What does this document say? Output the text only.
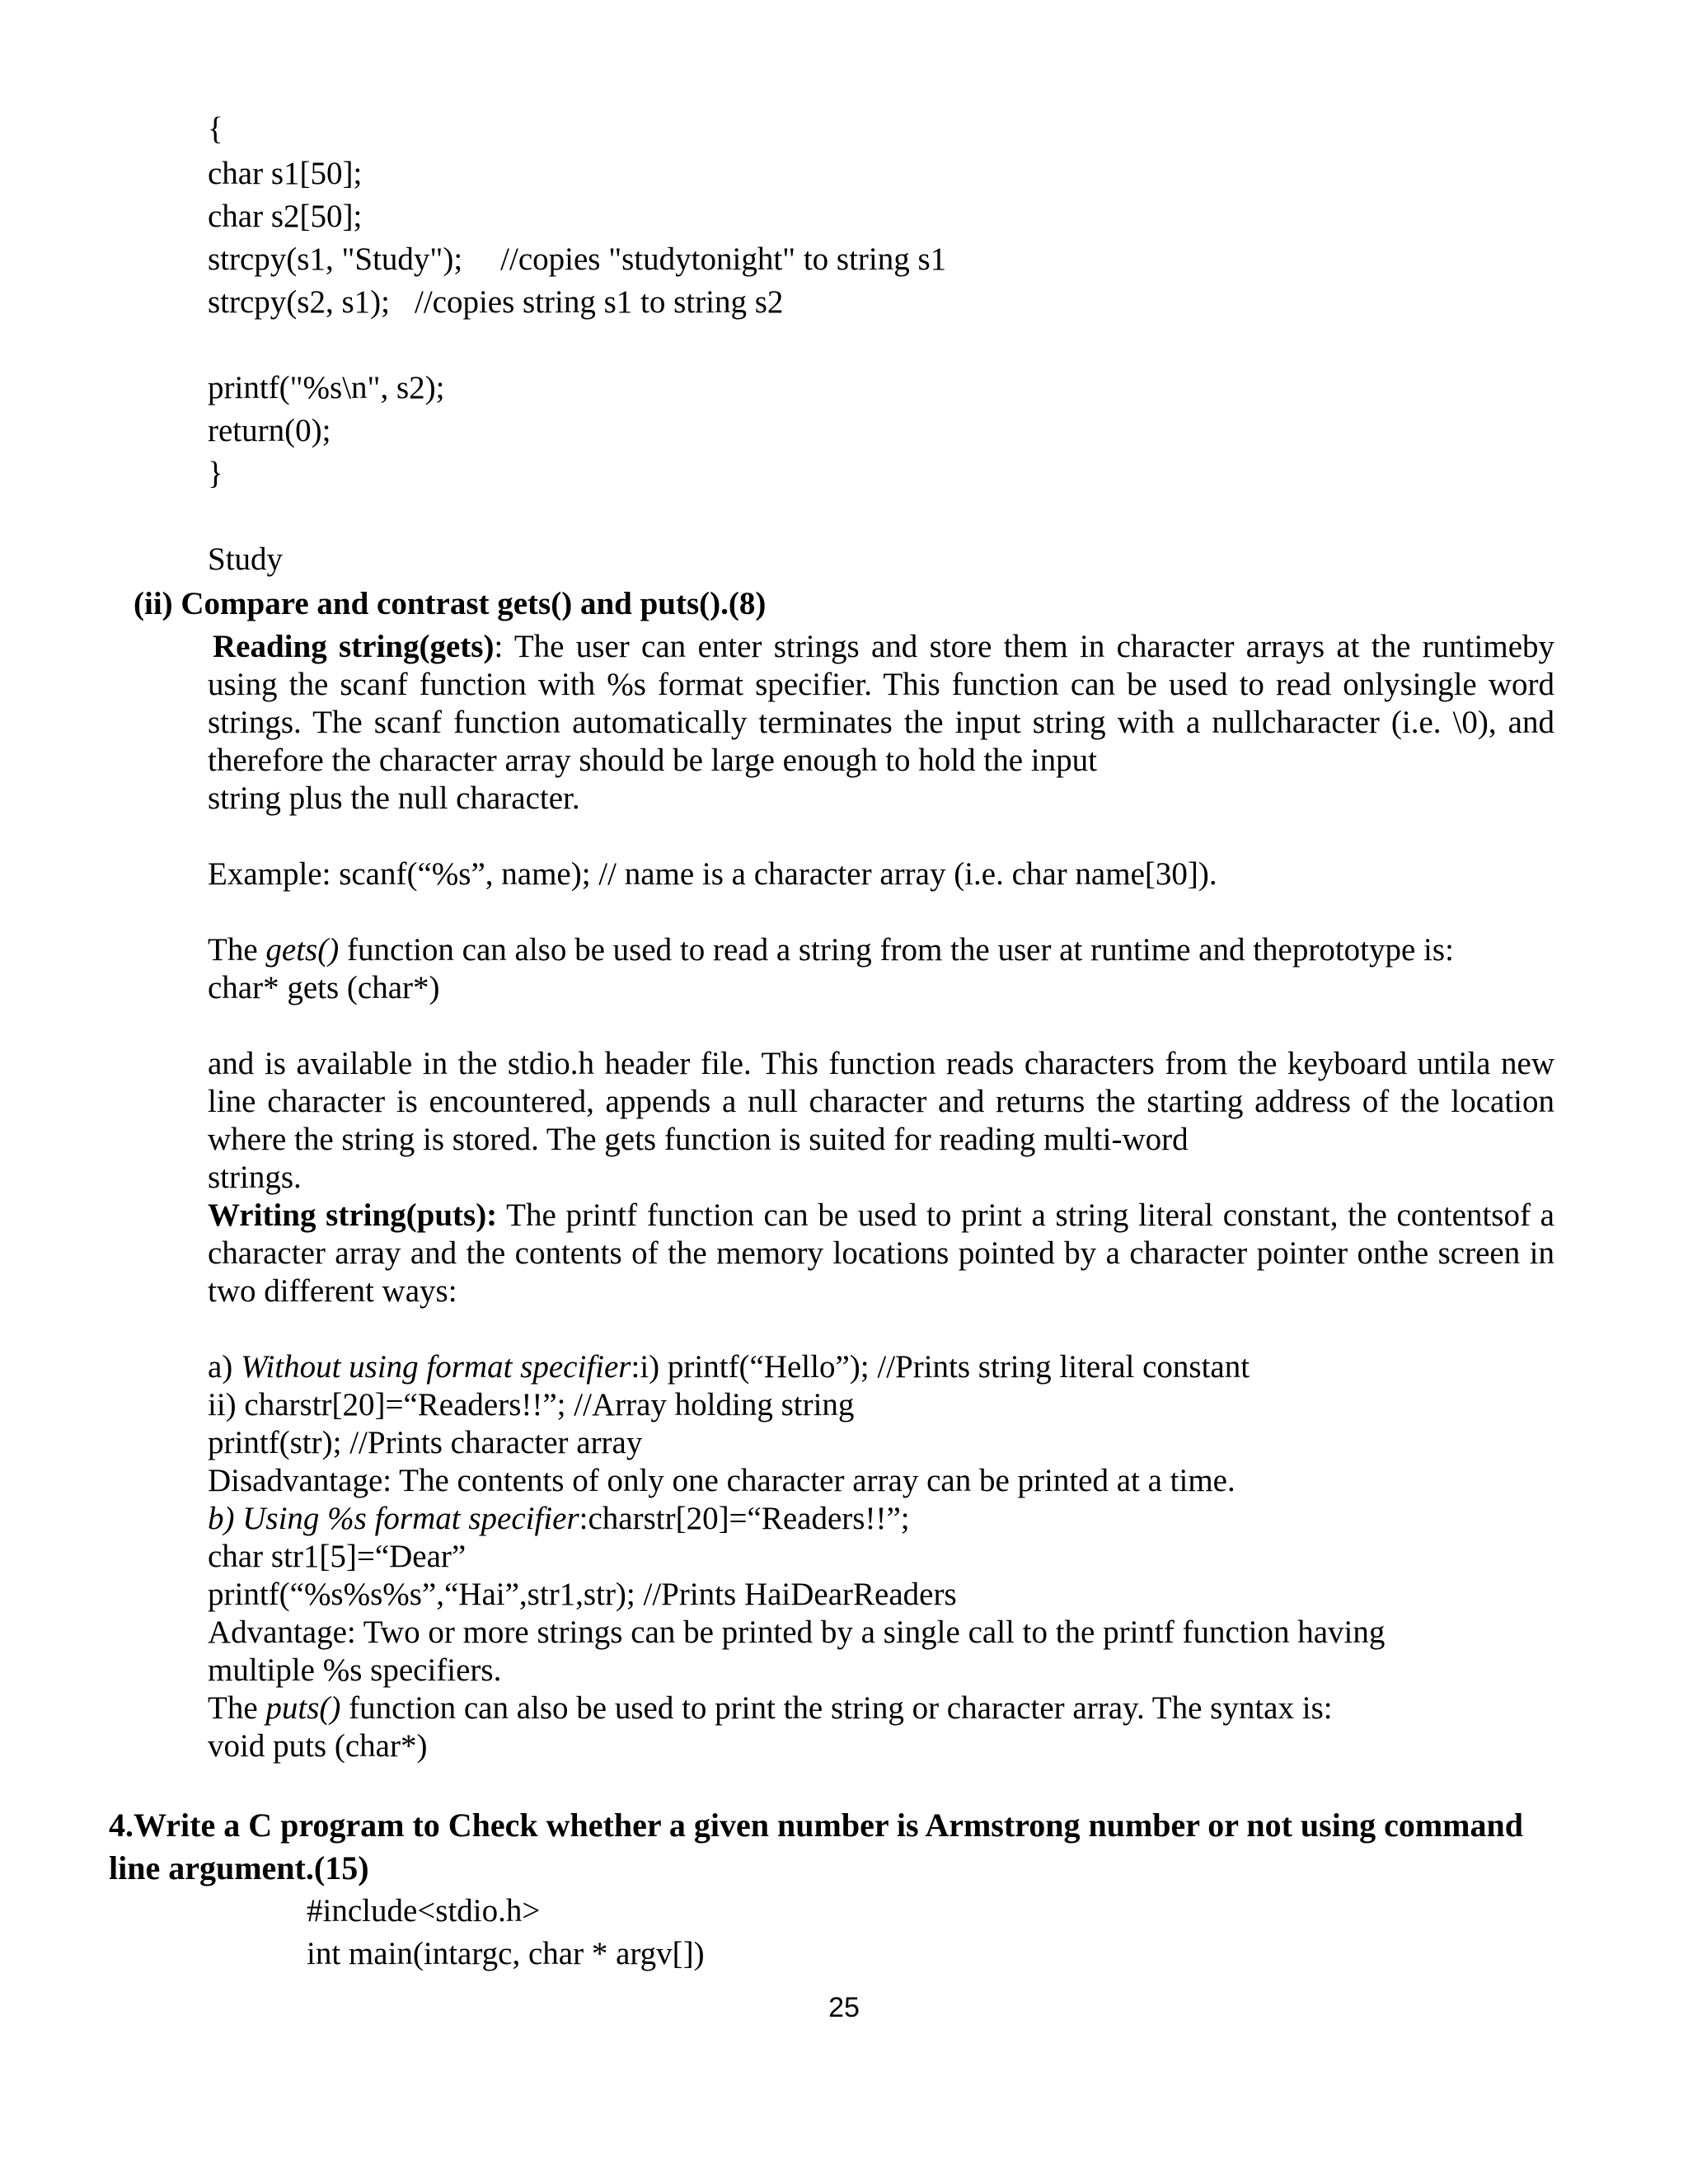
{

char s1[50];

char s2[50];

strcpy(s1, "Study"); //copies "studytonight" to string s1

strcpy(s2, s1); //copies string s1 to string s2

printf("%s\n", s2);

return(0);

}

Study

(ii) Compare and contrast gets() and puts().(8)

Reading string(gets): The user can enter strings and store them in character arrays at the runtimeby

using the scanf function with %s format specifier. This function can be used to read onlysingle word

strings. The scanf function automatically terminates the input string with a nullcharacter (i.e. \0), and

therefore the character array should be large enough to hold the input

string plus the null character.

Example: scanf(“%s”, name); // name is a character array (i.e. char name[30]).

The gets() function can also be used to read a string from the user at runtime and theprototype is:

char* gets (char*)

and is available in the stdio.h header file. This function reads characters from the keyboard untila new

line character is encountered, appends a null character and returns the starting address of the location

where the string is stored. The gets function is suited for reading multi-word

strings.

Writing string(puts): The printf function can be used to print a string literal constant, the contentsof a

character array and the contents of the memory locations pointed by a character pointer onthe screen in

two different ways:

a) Without using format specifier:i) printf(“Hello”); //Prints string literal constant

ii) charstr[20]=“Readers!!”; //Array holding string

printf(str); //Prints character array

Disadvantage: The contents of only one character array can be printed at a time.

b) Using %s format specifier:charstr[20]=“Readers!!”;

char str1[5]=“Dear”

printf(“%s%s%s”,“Hai”,str1,str); //Prints HaiDearReaders

Advantage: Two or more strings can be printed by a single call to the printf function having

multiple %s specifiers.

The puts() function can also be used to print the string or character array. The syntax is:

void puts (char*)

4.Write a C program to Check whether a given number is Armstrong number or not using command

line argument.(15)

#include<stdio.h>

int main(intargc, char * argv[])

25
